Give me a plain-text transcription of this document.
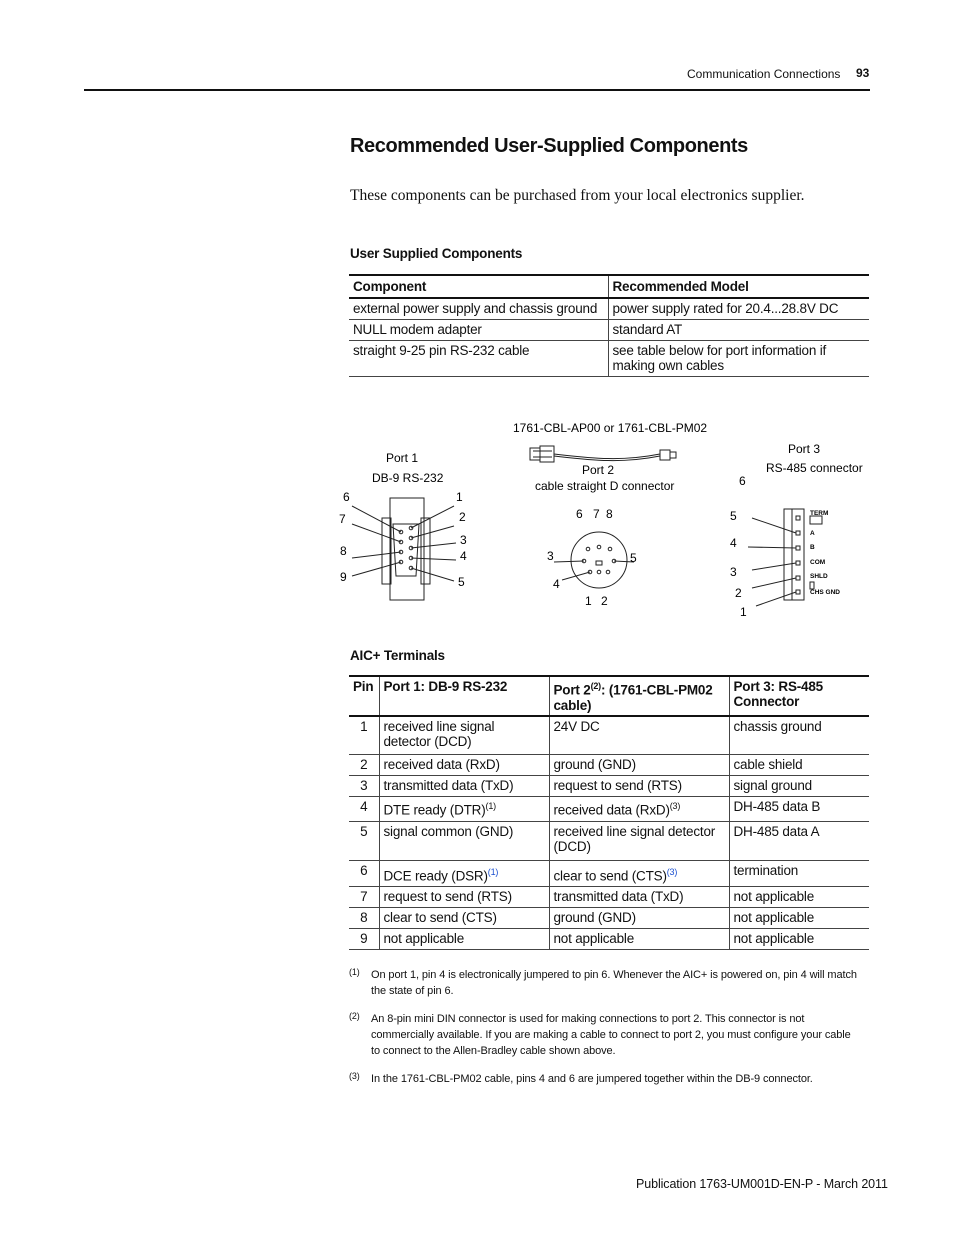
Communication Connections 93
Recommended User-Supplied Components
These components can be purchased from your local electronics supplier.
User Supplied Components
Component	Recommended Model
external power supply and chassis ground	power supply rated for 20.4...28.8V DC
NULL modem adapter	standard AT
straight 9-25 pin RS-232 cable	see table below for port information if making own cables
1761-CBL-AP00 or 1761-CBL-PM02
Port 1
DB-9 RS-232
1
2
3
4
5
6
7
8
9
Port 2
cable straight D connector
1 2
3
4
5
6 7 8
Port 3
RS-485 connector
TERM
A
B
COM
SHLD
CHS GND
1
2
3
4
5
6
AIC+ Terminals
Pin	Port 1: DB-9 RS-232	Port 2$^{(2)}$: (1761-CBL-PM02 cable)	Port 3: RS-485 Connector
1	received line signal detector (DCD)	24V DC	chassis ground
2	received data (RxD)	ground (GND)	cable shield
3	transmitted data (TxD)	request to send (RTS)	signal ground
4	DTE ready (DTR)$^{(1)}$	received data (RxD)$^{(3)}$	DH-485 data B
5	signal common (GND)	received line signal detector (DCD)	DH-485 data A
6	DCE ready (DSR)$^{(1)}$	clear to send (CTS)$^{(3)}$	termination
7	request to send (RTS)	transmitted data (TxD)	not applicable
8	clear to send (CTS)	ground (GND)	not applicable
9	not applicable	not applicable	not applicable
(1) On port 1, pin 4 is electronically jumpered to pin 6. Whenever the AIC+ is powered on, pin 4 will match the state of pin 6.
(2) An 8-pin mini DIN connector is used for making connections to port 2. This connector is not commercially available. If you are making a cable to connect to port 2, you must configure your cable to connect to the Allen-Bradley cable shown above.
(3) In the 1761-CBL-PM02 cable, pins 4 and 6 are jumpered together within the DB-9 connector.
Publication 1763-UM001D-EN-P - March 2011
